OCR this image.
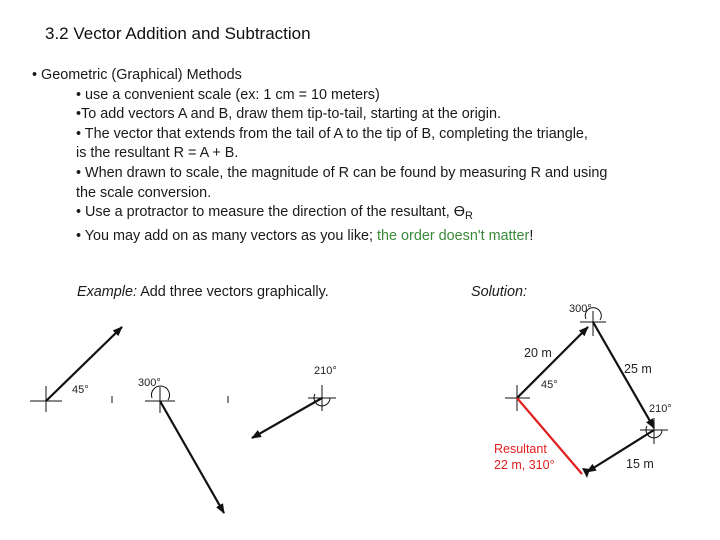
3.2 Vector Addition and Subtraction
• Geometric (Graphical) Methods
• use a convenient scale (ex: 1 cm = 10 meters)
•To add vectors A and B, draw them tip-to-tail, starting at the origin.
• The vector that extends from the tail of A to the tip of B, completing the triangle,
is the resultant R = A + B.
• When drawn to scale, the magnitude of R can be found by measuring R and using
the scale conversion.
• Use a protractor to measure the direction of the resultant, $ϴ_R$
• You may add on as many vectors as you like; the order doesn't matter!
Example: Add three vectors graphically.	Solution:
45°
300°
210°
300°
20 m
25 m
45°
210°
15 m
Resultant
22 m, 310°
